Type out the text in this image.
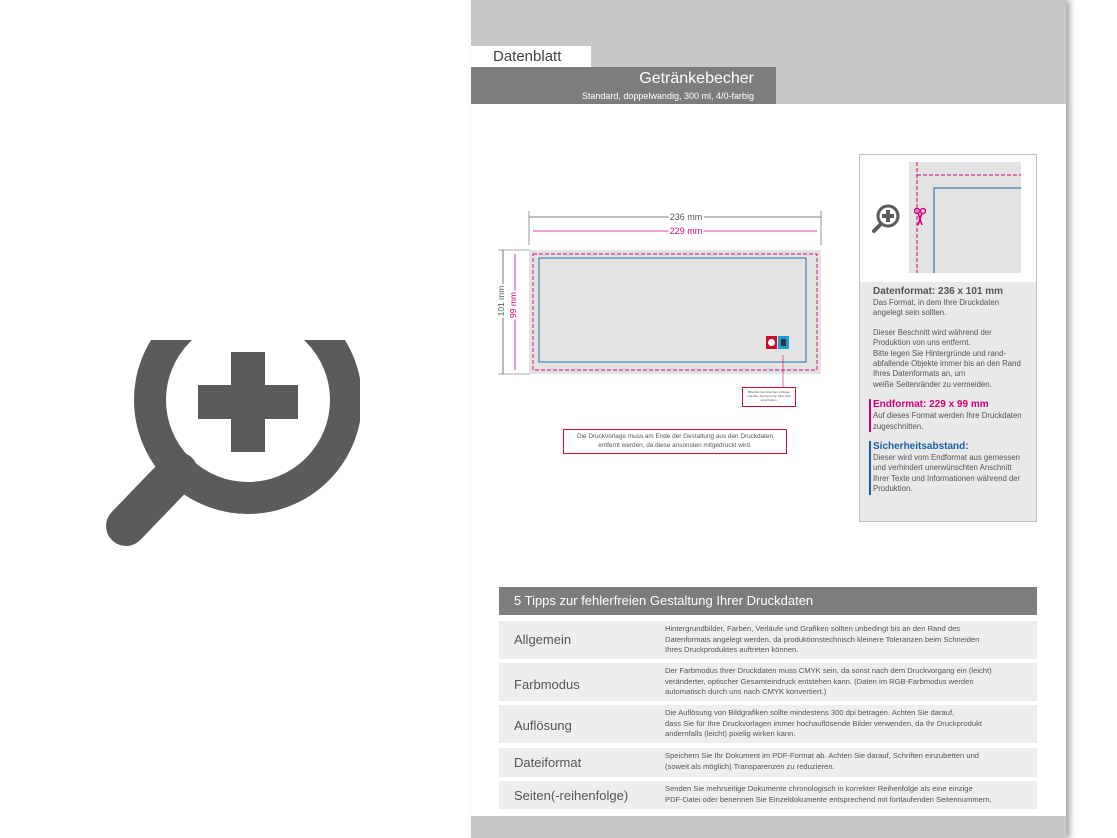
Datenblatt
Getränkebecher
Standard, doppelwandig, 300 ml, 4/0-farbig
236 mm
229 mm
101 mm 99 mm
Bitte hier Kennzeichen einfügen und/oder Symbole hier bitte nicht verschieben.
Die Druckvorlage muss am Ende der Gestaltung aus den Druckdaten entfernt werden, da diese ansonsten mitgedruckt wird.
Datenformat: 236 x 101 mm
Das Format, in dem Ihre Druckdaten
angelegt sein sollten.
Dieser Beschnitt wird während der
Produktion von uns entfernt.
Bitte legen Sie Hintergründe und rand-
abfallende Objekte immer bis an den Rand
Ihres Datenformats an, um
weiße Seitenränder zu vermeiden.
Endformat: 229 x 99 mm
Auf dieses Format werden Ihre Druckdaten
zugeschnitten.
Sicherheitsabstand:
Dieser wird vom Endformat aus gemessen
und verhindert unerwünschten Anschnitt
Ihrer Texte und Informationen während der
Produktion.
5 Tipps zur fehlerfreien Gestaltung Ihrer Druckdaten
Allgemein
Hintergrundbilder, Farben, Verläufe und Grafiken sollten unbedingt bis an den Rand des
Datenformats angelegt werden, da produktionstechnisch kleinere Toleranzen beim Schneiden
Ihres Druckproduktes auftreten können.
Farbmodus
Der Farbmodus Ihrer Druckdaten muss CMYK sein, da sonst nach dem Druckvorgang ein (leicht)
veränderter, optischer Gesamteindruck entstehen kann. (Daten im RGB-Farbmodus werden
automatisch durch uns nach CMYK konvertiert.)
Auflösung
Die Auflösung von Bildgrafiken sollte mindestens 300 dpi betragen. Achten Sie darauf,
dass Sie für Ihre Druckvorlagen immer hochauflösende Bilder verwenden, da Ihr Druckprodukt
andernfalls (leicht) pixelig wirken kann.
Dateiformat	Speichern Sie Ihr Dokument im PDF-Format ab. Achten Sie darauf, Schriften einzubetten und
(soweit als möglich) Transparenzen zu reduzieren.
Seiten(-reihenfolge)	Senden Sie mehrseitige Dokumente chronologisch in korrekter Reihenfolge als eine einzige
PDF-Datei oder benennen Sie Einzeldokumente entsprechend mit fortlaufenden Seitennummern.
